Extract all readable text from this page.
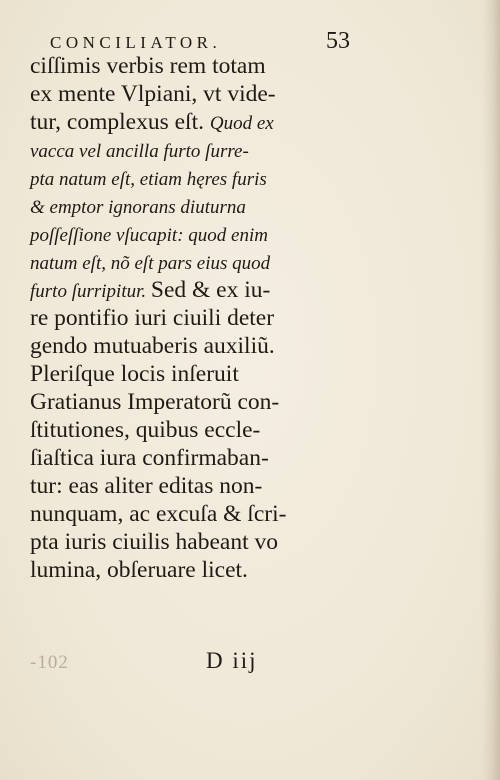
CONCILIATOR.	53
ciſſimis verbis rem totam
ex mente Vlpiani, vt vide-
tur, complexus eſt. Quod ex
vacca vel ancilla furto ſurre-
pta natum eſt, etiam hęres furis
& emptor ignorans diuturna
poſſeſſione vſucapit: quod enim
natum eſt, nõ eſt pars eius quod
furto ſurripitur. Sed & ex iu-
re pontifio iuri ciuili deter
gendo mutuaberis auxiliũ.
Pleriſque locis inſeruit
Gratianus Imperatorũ con-
ſtitutiones, quibus eccle-
ſiaſtica iura confirmaban-
tur: eas aliter editas non-
nunquam, ac excuſa & ſcri-
pta iuris ciuilis habeant vo
lumina, obſeruare licet.
-102	D iij
